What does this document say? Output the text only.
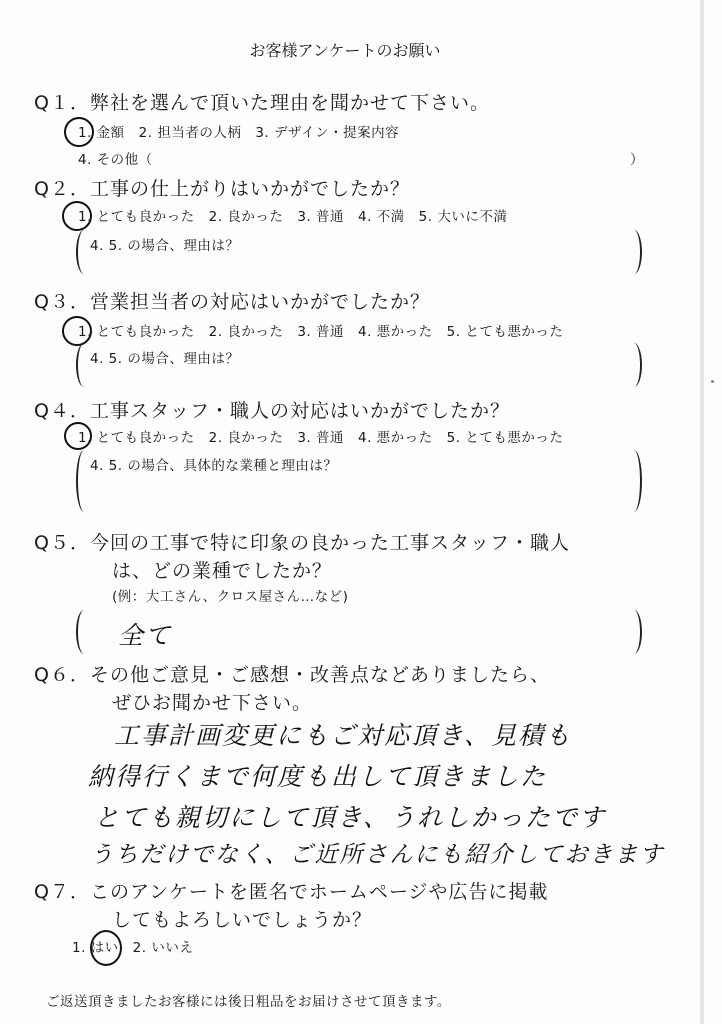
お客様アンケートのお願い
Q１．弊社を選んで頂いた理由を聞かせて下さい。
1. 金額　2. 担当者の人柄　3. デザイン・提案内容
4. その他（	）
Q２．工事の仕上がりはいかがでしたか？
1. とても良かった　2. 良かった　3. 普通　4. 不満　5. 大いに不満
4. 5. の場合、理由は？
Q３．営業担当者の対応はいかがでしたか？
1. とても良かった　2. 良かった　3. 普通　4. 悪かった　5. とても悪かった
4. 5. の場合、理由は？
Q４．工事スタッフ・職人の対応はいかがでしたか？
1. とても良かった　2. 良かった　3. 普通　4. 悪かった　5. とても悪かった
4. 5. の場合、具体的な業種と理由は？
Q５．今回の工事で特に印象の良かった工事スタッフ・職人
は、どの業種でしたか？
(例：大工さん、クロス屋さん…など)
全て
Q６．その他ご意見・ご感想・改善点などありましたら、
ぜひお聞かせ下さい。
工事計画変更にもご対応頂き、見積も
納得行くまで何度も出して頂きました
とても親切にして頂き、うれしかったです
うちだけでなく、ご近所さんにも紹介しておきます
Q７．このアンケートを匿名でホームページや広告に掲載
してもよろしいでしょうか？
1. はい　2. いいえ
ご返送頂きましたお客様には後日粗品をお届けさせて頂きます。
